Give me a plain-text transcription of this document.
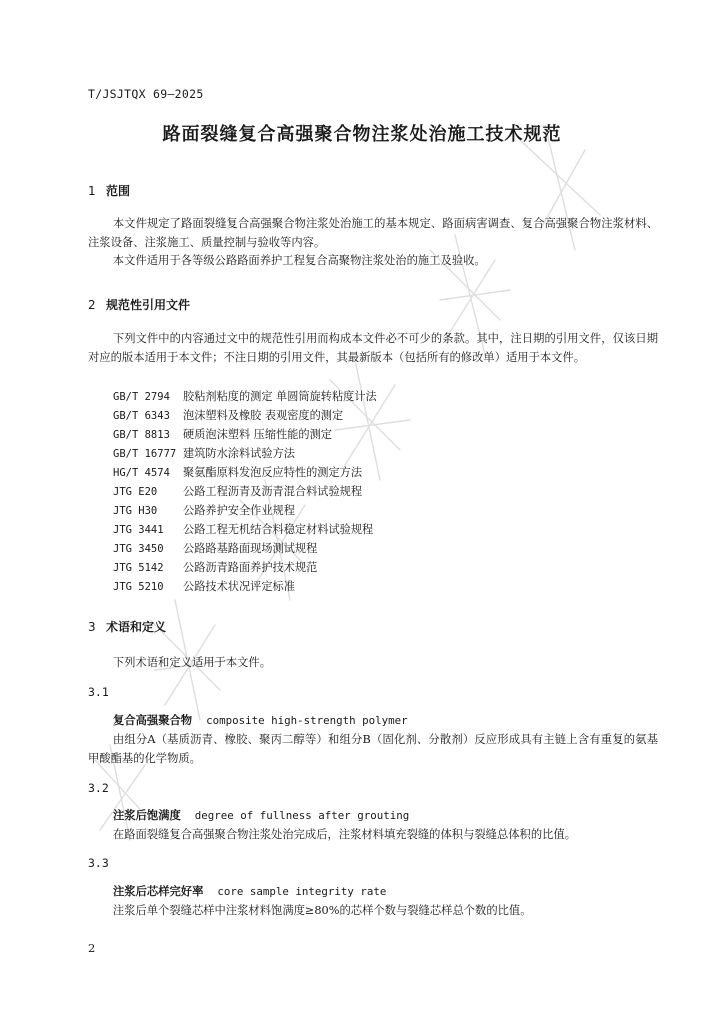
T/JSJTQX 69—2025
路面裂缝复合高强聚合物注浆处治施工技术规范
1 范围

本文件规定了路面裂缝复合高强聚合物注浆处治施工的基本规定、路面病害调查、复合高强聚合物注浆材料、注浆设备、注浆施工、质量控制与验收等内容。

本文件适用于各等级公路路面养护工程复合高聚物注浆处治的施工及验收。

2 规范性引用文件

下列文件中的内容通过文中的规范性引用而构成本文件必不可少的条款。其中，注日期的引用文件，仅该日期对应的版本适用于本文件；不注日期的引用文件，其最新版本（包括所有的修改单）适用于本文件。

GB/T 2794 胶粘剂粘度的测定 单圆筒旋转粘度计法
GB/T 6343 泡沫塑料及橡胶 表观密度的测定
GB/T 8813 硬质泡沫塑料 压缩性能的测定
GB/T 16777 建筑防水涂料试验方法
HG/T 4574 聚氨酯原料发泡反应特性的测定方法
JTG E20 公路工程沥青及沥青混合料试验规程
JTG H30 公路养护安全作业规程
JTG 3441 公路工程无机结合料稳定材料试验规程
JTG 3450 公路路基路面现场测试规程
JTG 5142 公路沥青路面养护技术规范
JTG 5210 公路技术状况评定标准
3 术语和定义

下列术语和定义适用于本文件。

3.1
复合高强聚合物 composite high-strength polymer

由组分A（基质沥青、橡胶、聚丙二醇等）和组分B（固化剂、分散剂）反应形成具有主链上含有重复的氨基甲酸酯基的化学物质。

3.2
注浆后饱满度 degree of fullness after grouting

在路面裂缝复合高强聚合物注浆处治完成后，注浆材料填充裂缝的体积与裂缝总体积的比值。

3.3
注浆后芯样完好率 core sample integrity rate

注浆后单个裂缝芯样中注浆材料饱满度≥80%的芯样个数与裂缝芯样总个数的比值。

2
